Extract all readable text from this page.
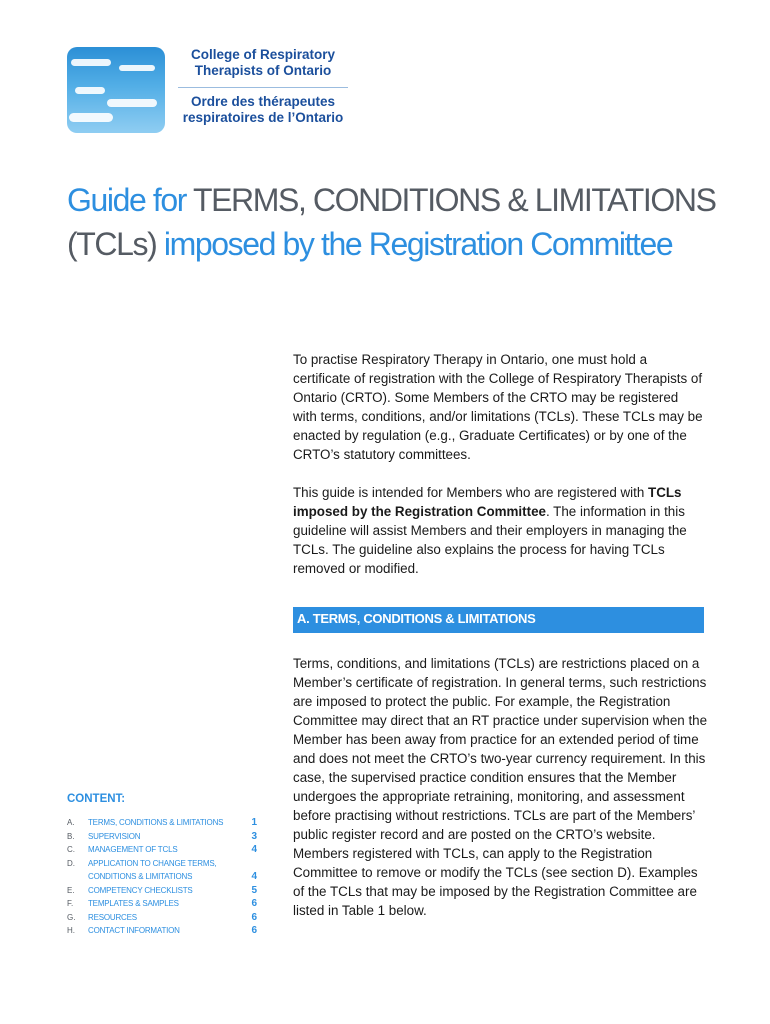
College of Respiratory
Therapists of Ontario
Ordre des thérapeutes
respiratoires de l’Ontario
Guide for TERMS, CONDITIONS & LIMITATIONS
(TCLs) imposed by the Registration Committee

To practise Respiratory Therapy in Ontario, one must hold a certificate of registration with the College of Respiratory Therapists of Ontario (CRTO). Some Members of the CRTO may be registered with terms, conditions, and/or limitations (TCLs). These TCLs may be enacted by regulation (e.g., Graduate Certificates) or by one of the CRTO’s statutory committees.

This guide is intended for Members who are registered with TCLs imposed by the Registration Committee. The information in this guideline will assist Members and their employers in managing the TCLs. The guideline also explains the process for having TCLs removed or modified.

A. TERMS, CONDITIONS & LIMITATIONS
Terms, conditions, and limitations (TCLs) are restrictions placed on a Member’s certificate of registration. In general terms, such restrictions are imposed to protect the public. For example, the Registration Committee may direct that an RT practice under supervision when the Member has been away from practice for an extended period of time and does not meet the CRTO’s two-year currency requirement. In this case, the supervised practice condition ensures that the Member undergoes the appropriate retraining, monitoring, and assessment before practising without restrictions. TCLs are part of the Members’ public register record and are posted on the CRTO’s website. Members registered with TCLs, can apply to the Registration Committee to remove or modify the TCLs (see section D). Examples of the TCLs that may be imposed by the Registration Committee are listed in Table 1 below.
CONTENT:
A.	TERMS, CONDITIONS & LIMITATIONS	1
B.	SUPERVISION	3
C.	MANAGEMENT OF TCLS	4
D.	APPLICATION TO CHANGE TERMS, CONDITIONS & LIMITATIONS	4
E.	COMPETENCY CHECKLISTS	5
F.	TEMPLATES & SAMPLES	6
G.	RESOURCES	6
H.	CONTACT INFORMATION	6
